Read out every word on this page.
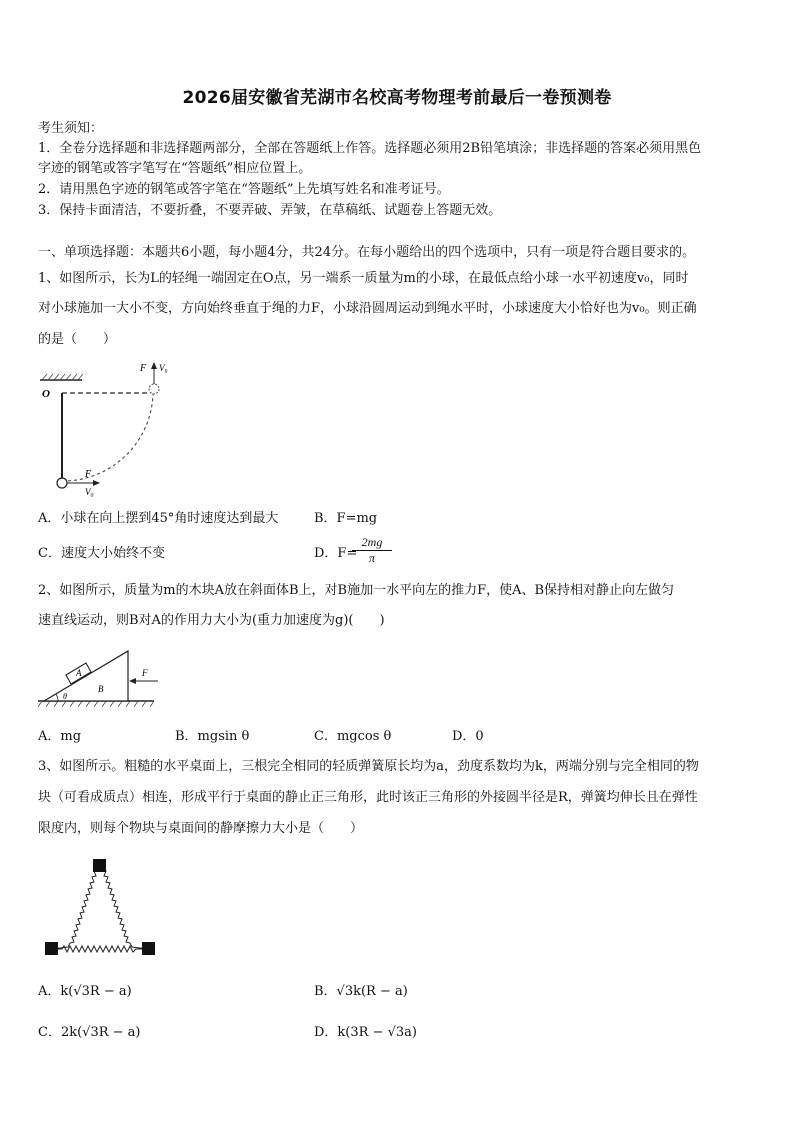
2026届安徽省芜湖市名校高考物理考前最后一卷预测卷
考生须知：
1．全卷分选择题和非选择题两部分，全部在答题纸上作答。选择题必须用2B铅笔填涂；非选择题的答案必须用黑色
字迹的钢笔或答字笔写在“答题纸”相应位置上。
2．请用黑色字迹的钢笔或答字笔在“答题纸”上先填写姓名和准考证号。
3．保持卡面清洁，不要折叠，不要弄破、弄皱，在草稿纸、试题卷上答题无效。
一、单项选择题：本题共6小题，每小题4分，共24分。在每小题给出的四个选项中，只有一项是符合题目要求的。
1、如图所示，长为L的轻绳一端固定在O点，另一端系一质量为m的小球，在最低点给小球一水平初速度v₀，同时
对小球施加一大小不变，方向始终垂直于绳的力F，小球沿圆周运动到绳水平时，小球速度大小恰好也为v₀。则正确
的是（　　）
F V₀
O
F
V₀
A．小球在向上摆到45°角时速度达到最大	B．F=mg
C．速度大小始终不变	D．F=
$\frac{2mg}{\pi}$
2、如图所示，质量为m的木块A放在斜面体B上，对B施加一水平向左的推力F，使A、B保持相对静止向左做匀
速直线运动，则B对A的作用力大小为(重力加速度为g)(　　)
A
B
θ
F
A．mg	B．mgsin θ	C．mgcos θ	D．0
3、如图所示。粗糙的水平桌面上，三根完全相同的轻质弹簧原长均为a，劲度系数均为k，两端分别与完全相同的物
块（可看成质点）相连，形成平行于桌面的静止正三角形，此时该正三角形的外接圆半径是R，弹簧均伸长且在弹性
限度内，则每个物块与桌面间的静摩擦力大小是（　　）
A．k(√3R − a)	B．√3k(R − a)
C．2k(√3R − a)	D．k(3R − √3a)
